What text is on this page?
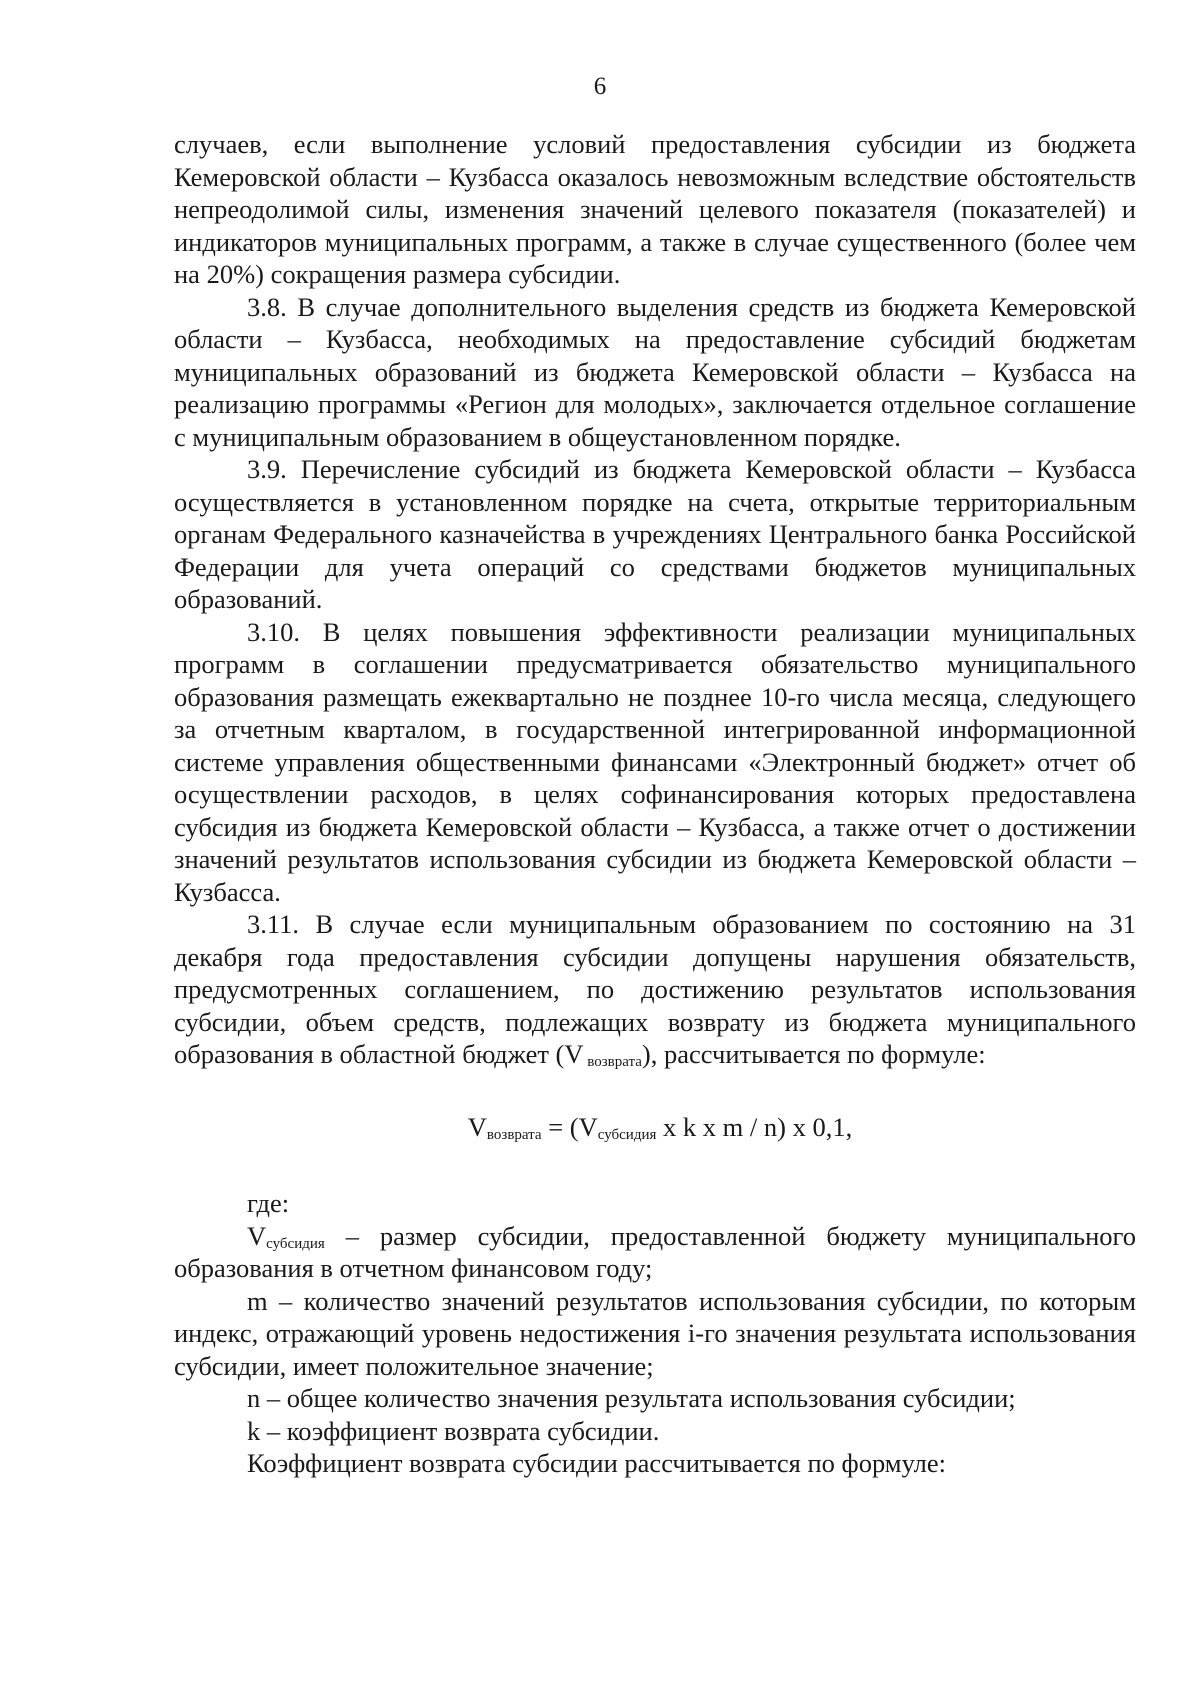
6

случаев, если выполнение условий предоставления субсидии из бюджета Кемеровской области – Кузбасса оказалось невозможным вследствие обстоятельств непреодолимой силы, изменения значений целевого показателя (показателей) и индикаторов муниципальных программ, а также в случае существенного (более чем на 20%) сокращения размера субсидии.

3.8. В случае дополнительного выделения средств из бюджета Кемеровской области – Кузбасса, необходимых на предоставление субсидий бюджетам муниципальных образований из бюджета Кемеровской области – Кузбасса на реализацию программы «Регион для молодых», заключается отдельное соглашение с муниципальным образованием в общеустановленном порядке.

3.9. Перечисление субсидий из бюджета Кемеровской области – Кузбасса осуществляется в установленном порядке на счета, открытые территориальным органам Федерального казначейства в учреждениях Центрального банка Российской Федерации для учета операций со средствами бюджетов муниципальных образований.

3.10. В целях повышения эффективности реализации муниципальных программ в соглашении предусматривается обязательство муниципального образования размещать ежеквартально не позднее 10-го числа месяца, следующего за отчетным кварталом, в государственной интегрированной информационной системе управления общественными финансами «Электронный бюджет» отчет об осуществлении расходов, в целях софинансирования которых предоставлена субсидия из бюджета Кемеровской области – Кузбасса, а также отчет о достижении значений результатов использования субсидии из бюджета Кемеровской области – Кузбасса.

3.11. В случае если муниципальным образованием по состоянию на 31 декабря года предоставления субсидии допущены нарушения обязательств, предусмотренных соглашением, по достижению результатов использования субсидии, объем средств, подлежащих возврату из бюджета муниципального образования в областной бюджет (V $_{возврата}$), рассчитывается по формуле:

$V_{возврата} = (V_{субсидия}$ x k x m / n) x 0,1,

где:

$V_{субсидия}$ – размер субсидии, предоставленной бюджету муниципального образования в отчетном финансовом году;

m – количество значений результатов использования субсидии, по которым индекс, отражающий уровень недостижения i-го значения результата использования субсидии, имеет положительное значение;

n – общее количество значения результата использования субсидии;

k – коэффициент возврата субсидии.

Коэффициент возврата субсидии рассчитывается по формуле:
